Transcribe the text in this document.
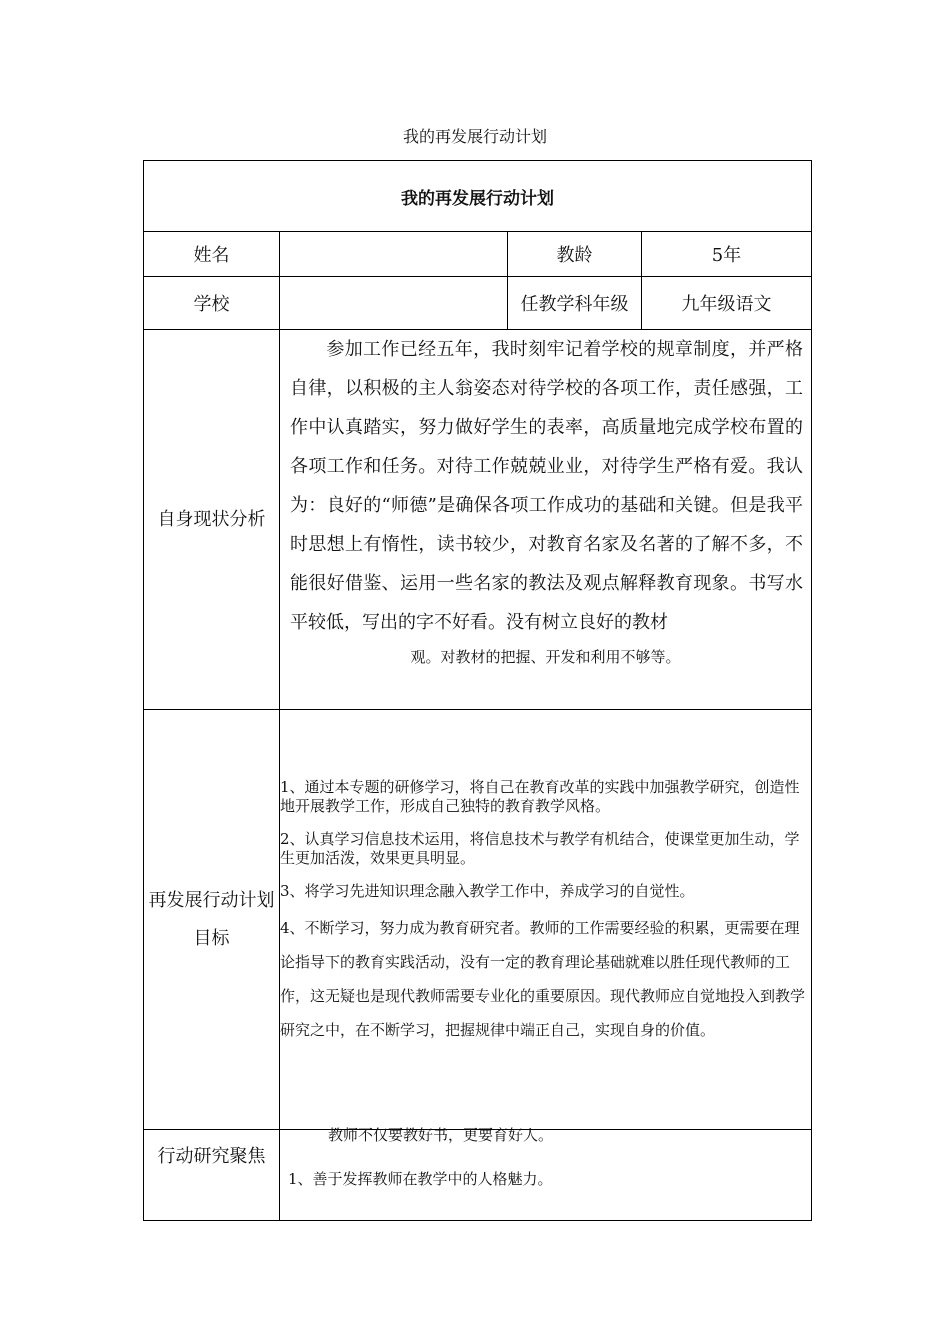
我的再发展行动计划
我的再发展行动计划			
姓名		教龄	5年
学校		任教学科年级	九年级语文
自身现状分析	参加工作已经五年，我时刻牢记着学校的规章制度，并严格自律，以积极的主人翁姿态对待学校的各项工作，责任感强，工作中认真踏实，努力做好学生的表率，高质量地完成学校布置的各项工作和任务。对待工作兢兢业业，对待学生严格有爱。我认为：良好的“师德”是确保各项工作成功的基础和关键。但是我平时思想上有惰性，读书较少，对教育名家及名著的了解不多，不能很好借鉴、运用一些名家的教法及观点解释教育现象。书写水平较低，写出的字不好看。没有树立良好的教材
观。对教材的把握、开发和利用不够等。		

再发展行动计划目标	1、通过本专题的研修学习，将自己在教育改革的实践中加强教学研究，创造性地开展教学工作，形成自己独特的教育教学风格。

2、认真学习信息技术运用，将信息技术与教学有机结合，使课堂更加生动，学生更加活泼，效果更具明显。

3、将学习先进知识理念融入教学工作中，养成学习的自觉性。

4、不断学习，努力成为教育研究者。教师的工作需要经验的积累，更需要在理论指导下的教育实践活动，没有一定的教育理论基础就难以胜任现代教师的工作，这无疑也是现代教师需要专业化的重要原因。现代教师应自觉地投入到教学研究之中，在不断学习，把握规律中端正自己，实现自身的价值。		

行动研究聚焦	教师不仅要教好书，更要育好人。
1、善于发挥教师在教学中的人格魅力。		
